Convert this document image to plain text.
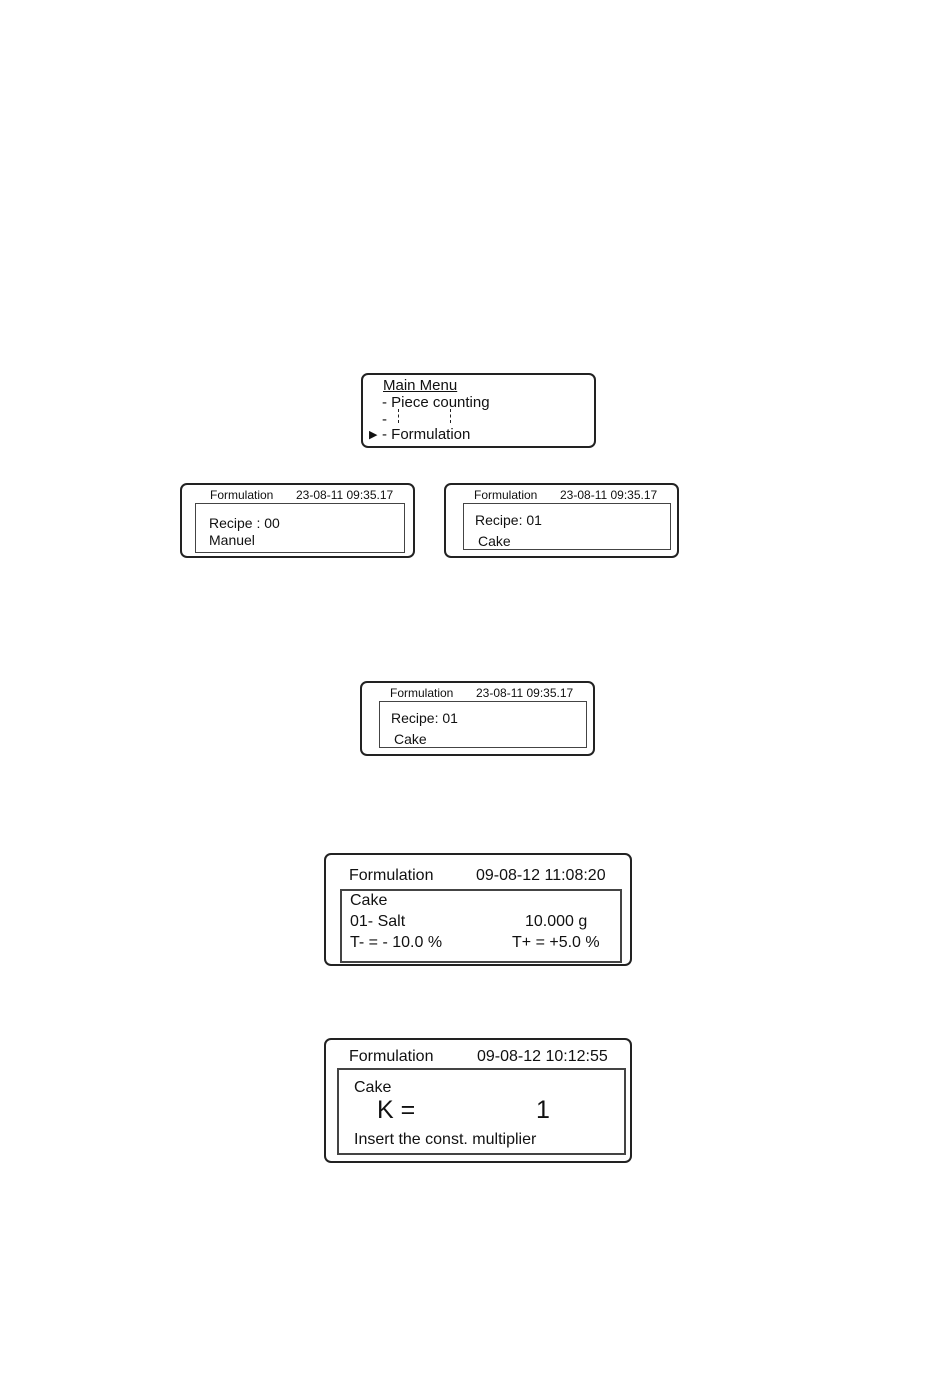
Main Menu
- Piece counting
-
▶ - Formulation
Formulation 23-08-11 09:35.17
Recipe : 00
Manuel
Formulation 23-08-11 09:35.17
Recipe: 01
Cake
Formulation 23-08-11 09:35.17
Recipe: 01
Cake
Formulation	09-08-12 11:08:20
Cake
01- Salt	10.000 g
T- = - 10.0 %	T+ = +5.0 %
Formulation	09-08-12 10:12:55
Cake
K =	1
Insert the const. multiplier
